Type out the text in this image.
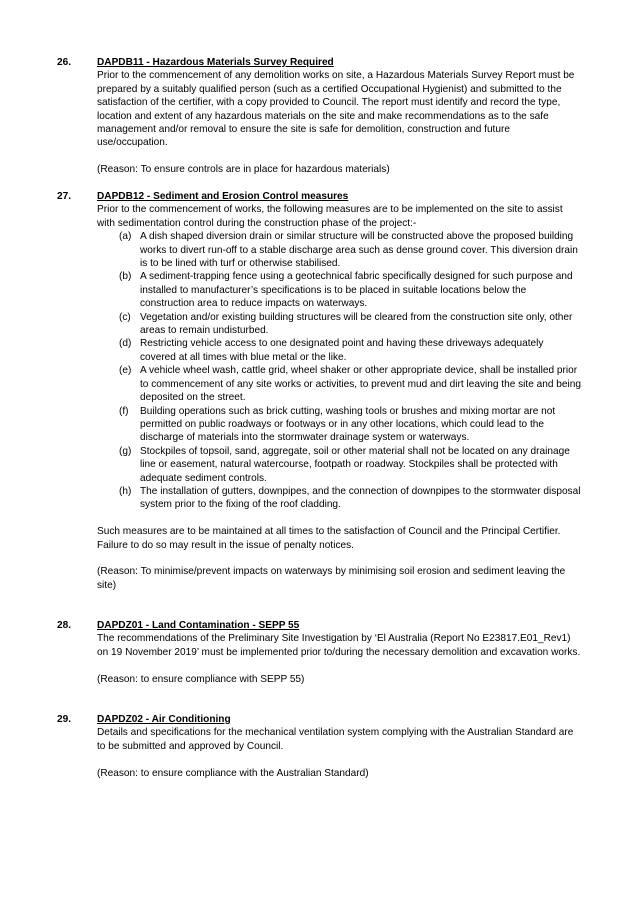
26.	DAPDB11 - Hazardous Materials Survey Required

Prior to the commencement of any demolition works on site, a Hazardous Materials Survey Report must be prepared by a suitably qualified person (such as a certified Occupational Hygienist) and submitted to the satisfaction of the certifier, with a copy provided to Council. The report must identify and record the type, location and extent of any hazardous materials on the site and make recommendations as to the safe management and/or removal to ensure the site is safe for demolition, construction and future use/occupation.

(Reason: To ensure controls are in place for hazardous materials)

27.	DAPDB12 - Sediment and Erosion Control measures

Prior to the commencement of works, the following measures are to be implemented on the site to assist with sedimentation control during the construction phase of the project:-

(a) A dish shaped diversion drain or similar structure will be constructed above the proposed building works to divert run-off to a stable discharge area such as dense ground cover. This diversion drain is to be lined with turf or otherwise stabilised.
(b) A sediment-trapping fence using a geotechnical fabric specifically designed for such purpose and installed to manufacturer’s specifications is to be placed in suitable locations below the construction area to reduce impacts on waterways.
(c) Vegetation and/or existing building structures will be cleared from the construction site only, other areas to remain undisturbed.
(d) Restricting vehicle access to one designated point and having these driveways adequately covered at all times with blue metal or the like.
(e) A vehicle wheel wash, cattle grid, wheel shaker or other appropriate device, shall be installed prior to commencement of any site works or activities, to prevent mud and dirt leaving the site and being deposited on the street.
(f) Building operations such as brick cutting, washing tools or brushes and mixing mortar are not permitted on public roadways or footways or in any other locations, which could lead to the discharge of materials into the stormwater drainage system or waterways.
(g) Stockpiles of topsoil, sand, aggregate, soil or other material shall not be located on any drainage line or easement, natural watercourse, footpath or roadway. Stockpiles shall be protected with adequate sediment controls.
(h) The installation of gutters, downpipes, and the connection of downpipes to the stormwater disposal system prior to the fixing of the roof cladding.

Such measures are to be maintained at all times to the satisfaction of Council and the Principal Certifier. Failure to do so may result in the issue of penalty notices.

(Reason: To minimise/prevent impacts on waterways by minimising soil erosion and sediment leaving the site)

28.	DAPDZ01 - Land Contamination - SEPP 55

The recommendations of the Preliminary Site Investigation by ‘El Australia (Report No E23817.E01_Rev1) on 19 November 2019’ must be implemented prior to/during the necessary demolition and excavation works.

(Reason: to ensure compliance with SEPP 55)

29.	DAPDZ02 - Air Conditioning

Details and specifications for the mechanical ventilation system complying with the Australian Standard are to be submitted and approved by Council.

(Reason: to ensure compliance with the Australian Standard)
